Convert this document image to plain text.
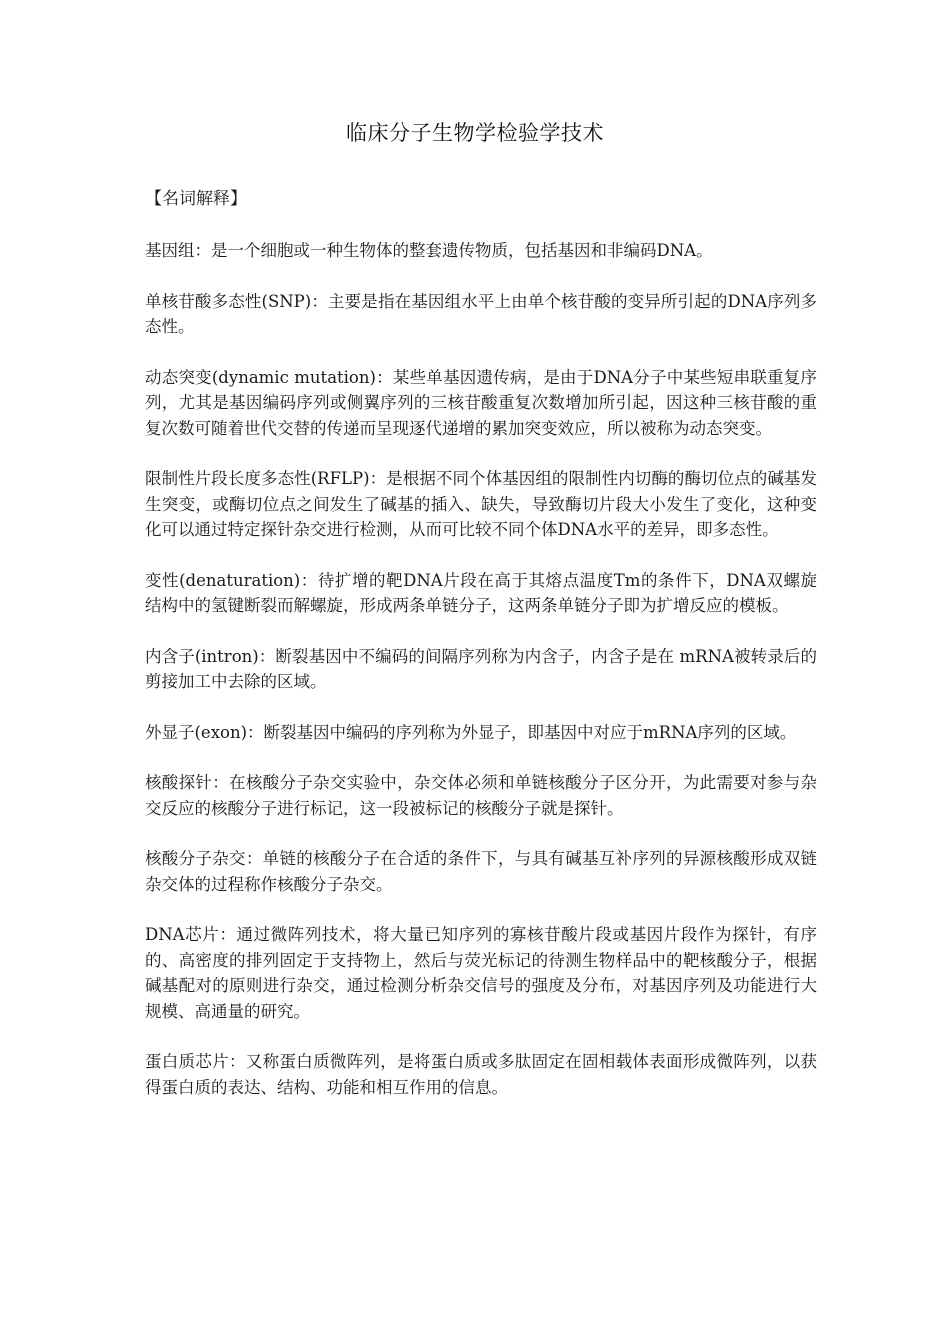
临床分子生物学检验学技术

【名词解释】

基因组：是一个细胞或一种生物体的整套遗传物质，包括基因和非编码DNA。

单核苷酸多态性(SNP)：主要是指在基因组水平上由单个核苷酸的变异所引起的DNA序列多态性。

动态突变(dynamic mutation)：某些单基因遗传病，是由于DNA分子中某些短串联重复序列，尤其是基因编码序列或侧翼序列的三核苷酸重复次数增加所引起，因这种三核苷酸的重复次数可随着世代交替的传递而呈现逐代递增的累加突变效应，所以被称为动态突变。

限制性片段长度多态性(RFLP)：是根据不同个体基因组的限制性内切酶的酶切位点的碱基发生突变，或酶切位点之间发生了碱基的插入、缺失，导致酶切片段大小发生了变化，这种变化可以通过特定探针杂交进行检测，从而可比较不同个体DNA水平的差异，即多态性。

变性(denaturation)：待扩增的靶DNA片段在高于其熔点温度Tm的条件下，DNA双螺旋结构中的氢键断裂而解螺旋，形成两条单链分子，这两条单链分子即为扩增反应的模板。

内含子(intron)：断裂基因中不编码的间隔序列称为内含子，内含子是在 mRNA被转录后的剪接加工中去除的区域。

外显子(exon)：断裂基因中编码的序列称为外显子，即基因中对应于mRNA序列的区域。

核酸探针：在核酸分子杂交实验中，杂交体必须和单链核酸分子区分开，为此需要对参与杂交反应的核酸分子进行标记，这一段被标记的核酸分子就是探针。

核酸分子杂交：单链的核酸分子在合适的条件下，与具有碱基互补序列的异源核酸形成双链杂交体的过程称作核酸分子杂交。

DNA芯片：通过微阵列技术，将大量已知序列的寡核苷酸片段或基因片段作为探针，有序的、高密度的排列固定于支持物上，然后与荧光标记的待测生物样品中的靶核酸分子，根据碱基配对的原则进行杂交，通过检测分析杂交信号的强度及分布，对基因序列及功能进行大规模、高通量的研究。

蛋白质芯片：又称蛋白质微阵列，是将蛋白质或多肽固定在固相载体表面形成微阵列，以获得蛋白质的表达、结构、功能和相互作用的信息。
